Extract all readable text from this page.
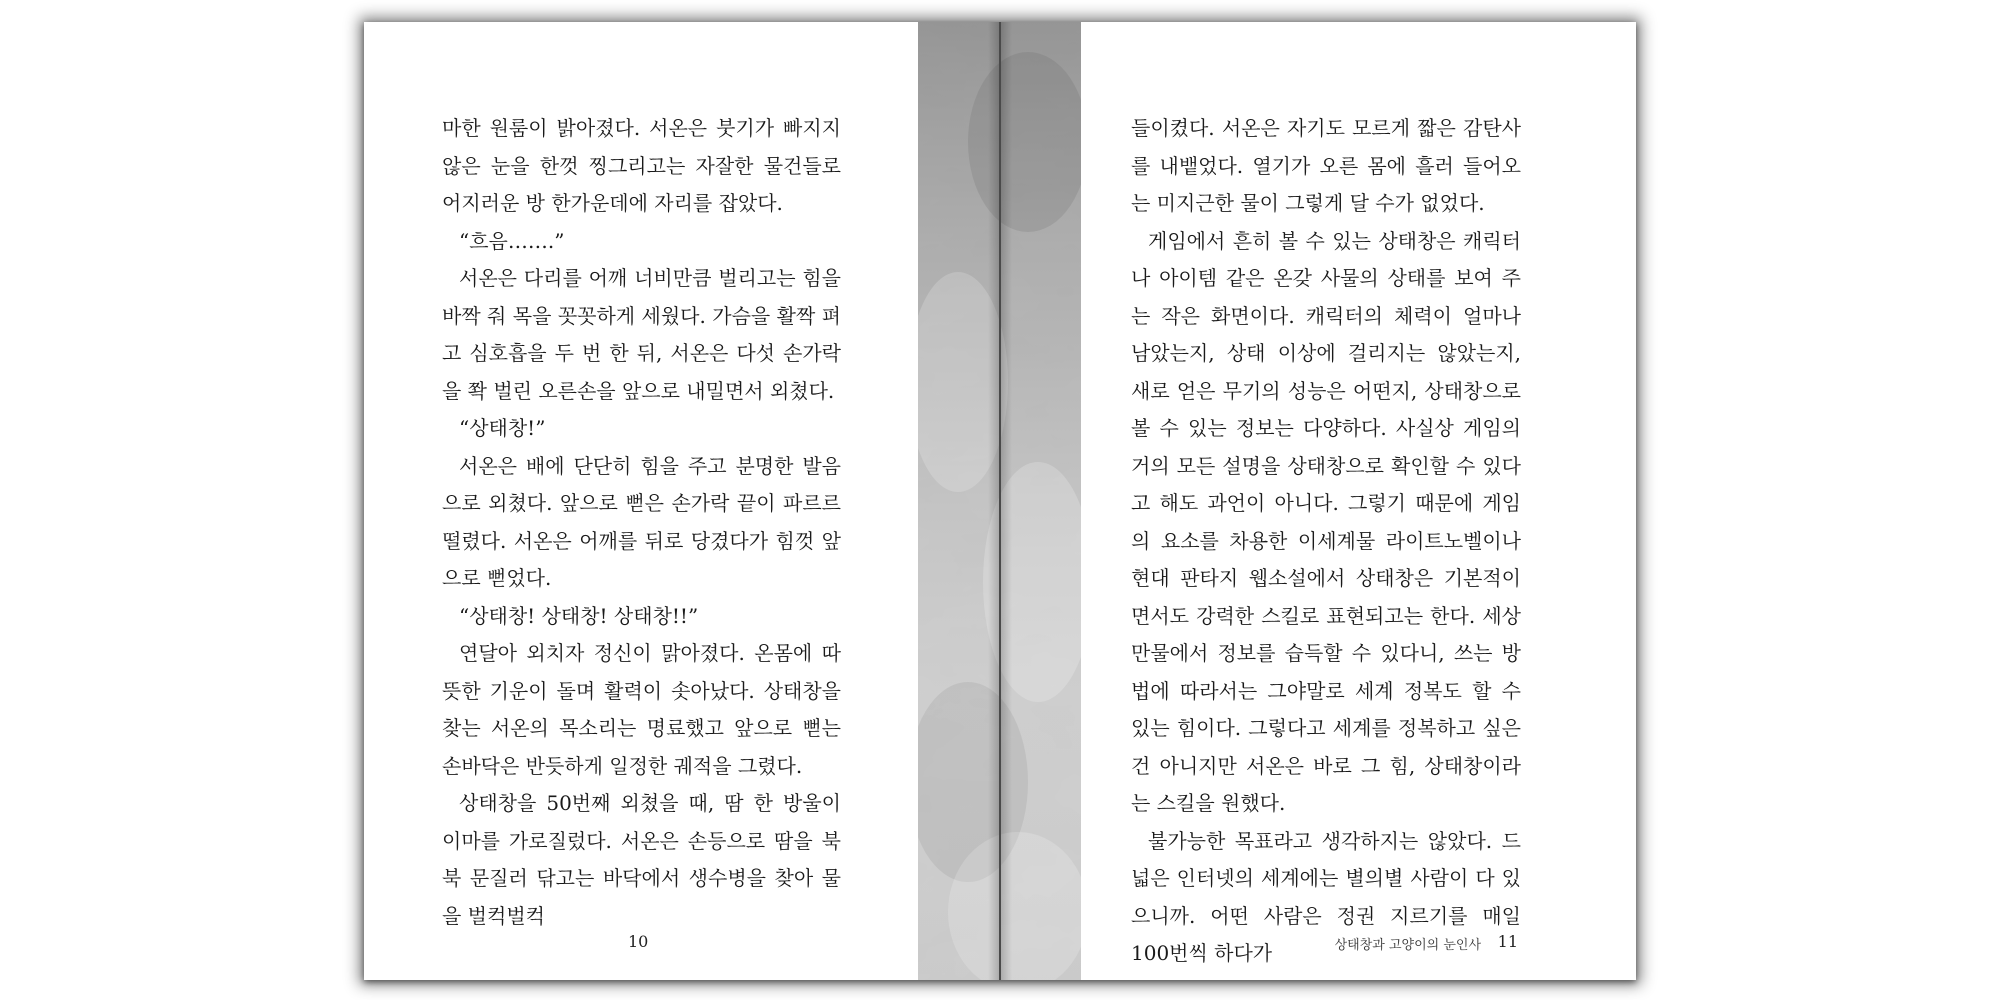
마한 원룸이 밝아졌다. 서온은 붓기가 빠지지 않은 눈을 한껏 찡그리고는 자잘한 물건들로 어지러운 방 한가운데에 자리를 잡았다.

“흐음…….”

서온은 다리를 어깨 너비만큼 벌리고는 힘을 바짝 줘 목을 꼿꼿하게 세웠다. 가슴을 활짝 펴고 심호흡을 두 번 한 뒤, 서온은 다섯 손가락을 쫙 벌린 오른손을 앞으로 내밀면서 외쳤다.

“상태창!”

서온은 배에 단단히 힘을 주고 분명한 발음으로 외쳤다. 앞으로 뻗은 손가락 끝이 파르르 떨렸다. 서온은 어깨를 뒤로 당겼다가 힘껏 앞으로 뻗었다.

“상태창! 상태창! 상태창!!”

연달아 외치자 정신이 맑아졌다. 온몸에 따뜻한 기운이 돌며 활력이 솟아났다. 상태창을 찾는 서온의 목소리는 명료했고 앞으로 뻗는 손바닥은 반듯하게 일정한 궤적을 그렸다.

상태창을 50번째 외쳤을 때, 땀 한 방울이 이마를 가로질렀다. 서온은 손등으로 땀을 북북 문질러 닦고는 바닥에서 생수병을 찾아 물을 벌컥벌컥

10

들이켰다. 서온은 자기도 모르게 짧은 감탄사를 내뱉었다. 열기가 오른 몸에 흘러 들어오는 미지근한 물이 그렇게 달 수가 없었다.

게임에서 흔히 볼 수 있는 상태창은 캐릭터나 아이템 같은 온갖 사물의 상태를 보여 주는 작은 화면이다. 캐릭터의 체력이 얼마나 남았는지, 상태 이상에 걸리지는 않았는지, 새로 얻은 무기의 성능은 어떤지, 상태창으로 볼 수 있는 정보는 다양하다. 사실상 게임의 거의 모든 설명을 상태창으로 확인할 수 있다고 해도 과언이 아니다. 그렇기 때문에 게임의 요소를 차용한 이세계물 라이트노벨이나 현대 판타지 웹소설에서 상태창은 기본적이면서도 강력한 스킬로 표현되고는 한다. 세상 만물에서 정보를 습득할 수 있다니, 쓰는 방법에 따라서는 그야말로 세계 정복도 할 수 있는 힘이다. 그렇다고 세계를 정복하고 싶은 건 아니지만 서온은 바로 그 힘, 상태창이라는 스킬을 원했다.

불가능한 목표라고 생각하지는 않았다. 드넓은 인터넷의 세계에는 별의별 사람이 다 있으니까. 어떤 사람은 정권 지르기를 매일 100번씩 하다가	상태창과 고양이의 눈인사	11
